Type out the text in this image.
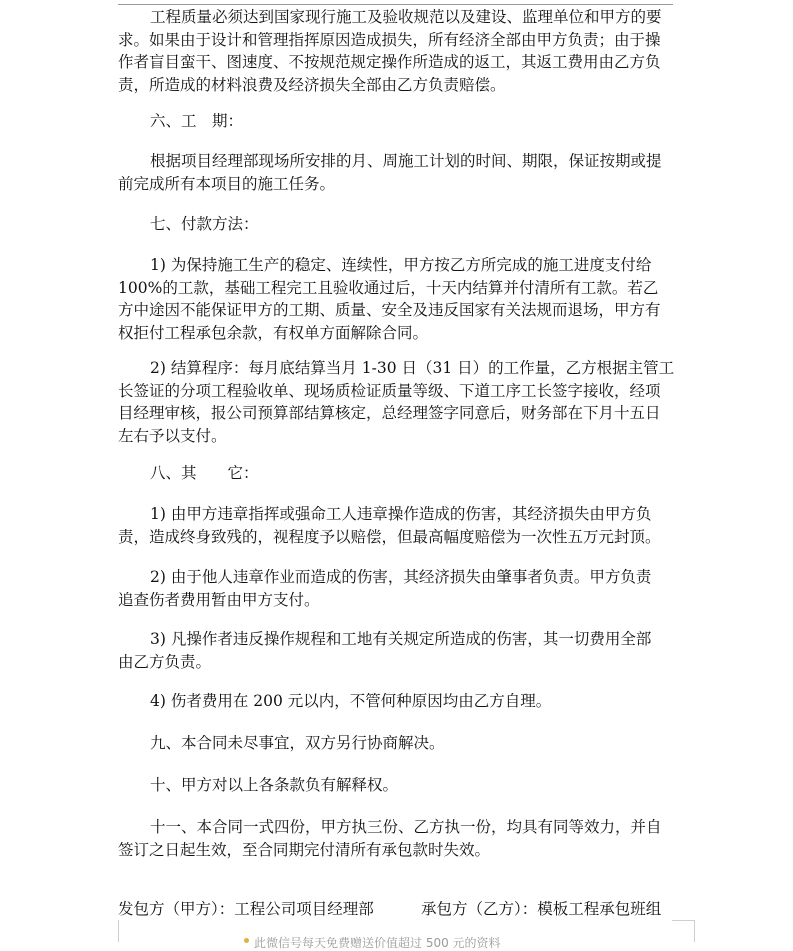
工程质量必须达到国家现行施工及验收规范以及建设、监理单位和甲方的要
求。如果由于设计和管理指挥原因造成损失，所有经济全部由甲方负责；由于操
作者盲目蛮干、图速度、不按规范规定操作所造成的返工，其返工费用由乙方负
责，所造成的材料浪费及经济损失全部由乙方负责赔偿。
六、工　期：
根据项目经理部现场所安排的月、周施工计划的时间、期限，保证按期或提
前完成所有本项目的施工任务。
七、付款方法：
1) 为保持施工生产的稳定、连续性，甲方按乙方所完成的施工进度支付给
100%的工款，基础工程完工且验收通过后，十天内结算并付清所有工款。若乙
方中途因不能保证甲方的工期、质量、安全及违反国家有关法规而退场，甲方有
权拒付工程承包余款，有权单方面解除合同。
2) 结算程序：每月底结算当月 1-30 日（31 日）的工作量，乙方根据主管工
长签证的分项工程验收单、现场质检证质量等级、下道工序工长签字接收，经项
目经理审核，报公司预算部结算核定，总经理签字同意后，财务部在下月十五日
左右予以支付。
八、其　　它：
1) 由甲方违章指挥或强命工人违章操作造成的伤害，其经济损失由甲方负
责，造成终身致残的，视程度予以赔偿，但最高幅度赔偿为一次性五万元封顶。
2) 由于他人违章作业而造成的伤害，其经济损失由肇事者负责。甲方负责
追查伤者费用暂由甲方支付。
3) 凡操作者违反操作规程和工地有关规定所造成的伤害，其一切费用全部
由乙方负责。
4) 伤者费用在 200 元以内，不管何种原因均由乙方自理。
九、本合同未尽事宜，双方另行协商解决。
十、甲方对以上各条款负有解释权。
十一、本合同一式四份，甲方执三份、乙方执一份，均具有同等效力，并自
签订之日起生效，至合同期完付清所有承包款时失效。
发包方（甲方）：工程公司项目经理部	承包方（乙方）：模板工程承包班组
此微信号每天免费赠送价值超过 500 元的资料
